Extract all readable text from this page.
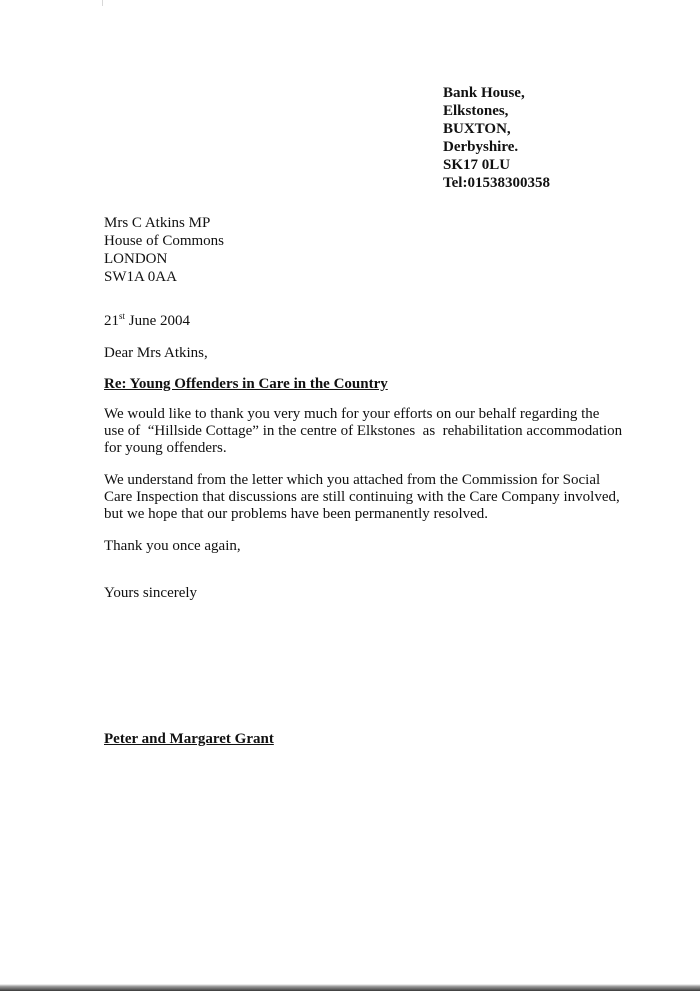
Bank House,
Elkstones,
BUXTON,
Derbyshire.
SK17 0LU
Tel:01538300358
Mrs C Atkins MP
House of Commons
LONDON
SW1A 0AA
21st June 2004
Dear Mrs Atkins,
Re: Young Offenders in Care in the Country
We would like to thank you very much for your efforts on our behalf regarding the
use of  “Hillside Cottage” in the centre of Elkstones  as  rehabilitation accommodation
for young offenders.
We understand from the letter which you attached from the Commission for Social
Care Inspection that discussions are still continuing with the Care Company involved,
but we hope that our problems have been permanently resolved.
Thank you once again,
Yours sincerely
Peter and Margaret Grant
